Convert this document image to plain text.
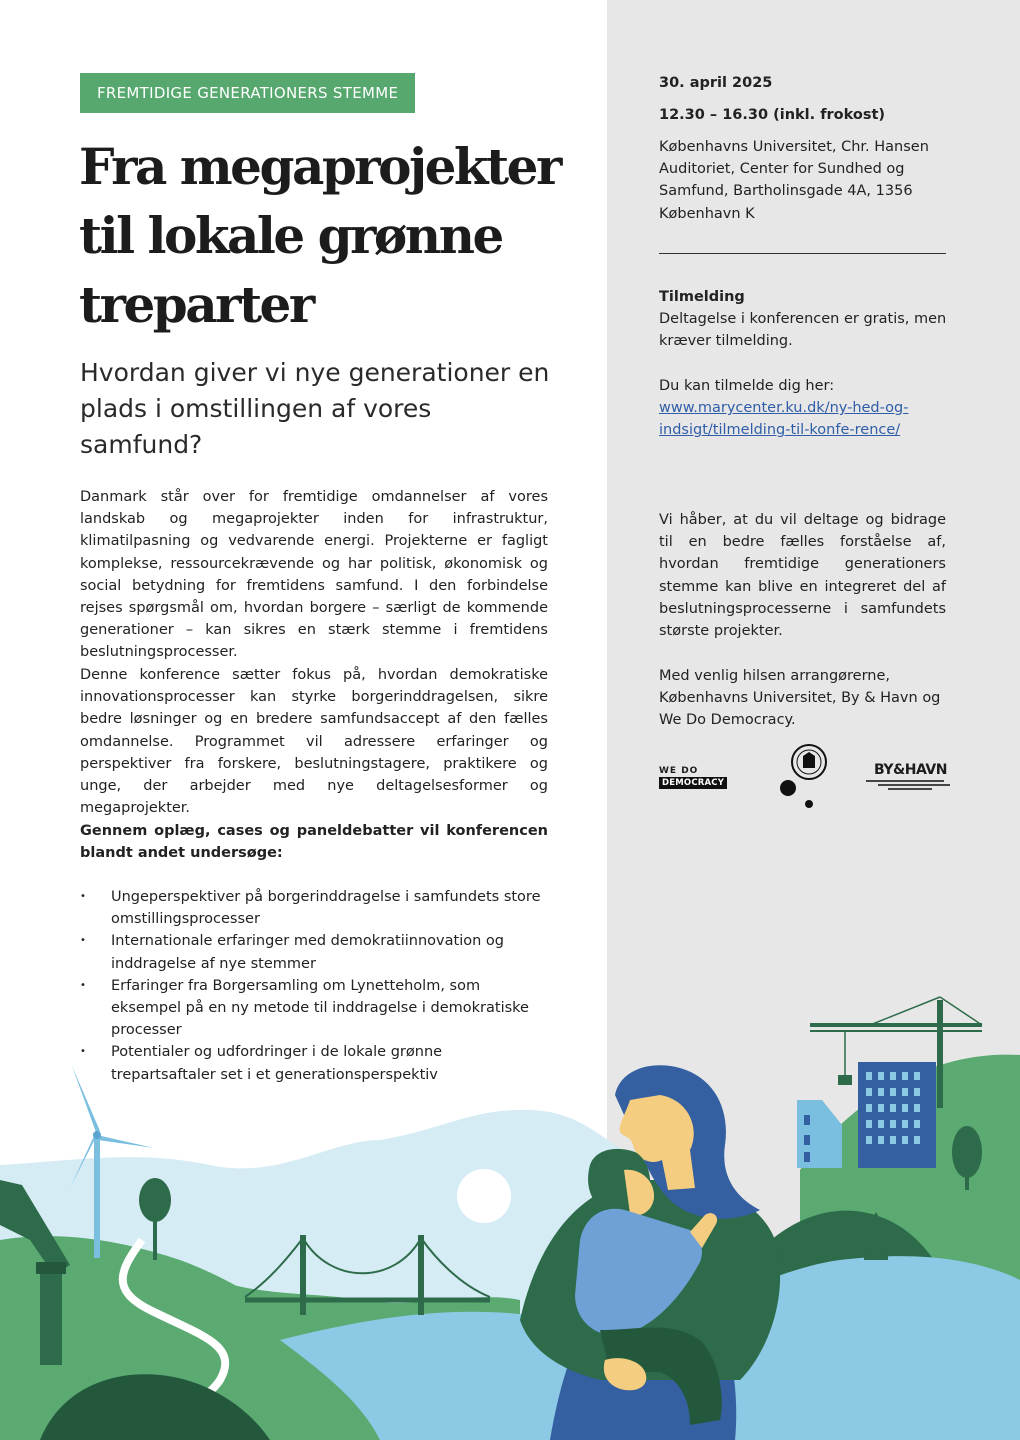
FREMTIDIGE GENERATIONERS STEMME
Fra megaprojekter til lokale grønne treparter
Hvordan giver vi nye generationer en plads i omstillingen af vores samfund?

Danmark står over for fremtidige omdannelser af vores landskab og megaprojekter inden for infrastruktur, klimatilpasning og vedvarende energi. Projekterne er fagligt komplekse, ressourcekrævende og har politisk, økonomisk og social betydning for fremtidens samfund. I den forbindelse rejses spørgsmål om, hvordan borgere – særligt de kommende generationer – kan sikres en stærk stemme i fremtidens beslutningsprocesser.

Denne konference sætter fokus på, hvordan demokratiske innovationsprocesser kan styrke borgerinddragelsen, sikre bedre løsninger og en bredere samfundsaccept af den fælles omdannelse. Programmet vil adressere erfaringer og perspektiver fra forskere, beslutningstagere, praktikere og unge, der arbejder med nye deltagelsesformer og megaprojekter.

Gennem oplæg, cases og paneldebatter vil konferencen blandt andet undersøge:

• Ungeperspektiver på borgerinddragelse i samfundets store omstillingsprocesser
• Internationale erfaringer med demokratiinnovation og inddragelse af nye stemmer
• Erfaringer fra Borgersamling om Lynetteholm, som eksempel på en ny metode til inddragelse i demokratiske processer
• Potentialer og udfordringer i de lokale grønne trepartsaftaler set i et generationsperspektiv

30. april 2025

12.30 – 16.30 (inkl. frokost)

Københavns Universitet, Chr. Hansen Auditoriet, Center for Sundhed og Samfund, Bartholinsgade 4A, 1356 København K

Tilmelding

Deltagelse i konferencen er gratis, men kræver tilmelding.

Du kan tilmelde dig her:

www.marycenter.ku.dk/ny-hed-og-indsigt/tilmelding-til-konfe-rence/

Vi håber, at du vil deltage og bidrage til en bedre fælles forståelse af, hvordan fremtidige generationers stemme kan blive en integreret del af beslutningsprocesserne i samfundets største projekter.

Med venlig hilsen arrangørerne, Københavns Universitet, By & Havn og We Do Democracy.

WE DO
DEMOCRACY
BY&HAVN
